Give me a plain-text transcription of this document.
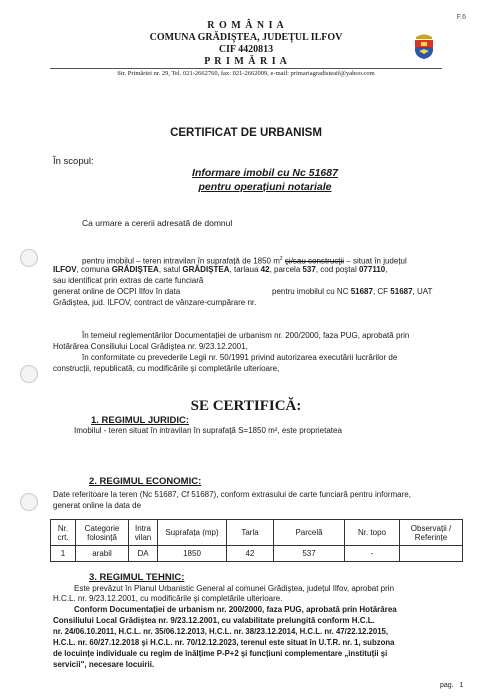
F.6
R O M Â N I A
COMUNA GRĂDIŞTEA, JUDEŢUL ILFOV
CIF 4420813
P R I M Ă R I A
Str. Primăriei nr. 29, Tel. 021-2662760, fax: 021-2662009, e-mail: primariagradisteaif@yahoo.com
CERTIFICAT DE URBANISM
În scopul:
Informare imobil cu Nc 51687
pentru operațiuni notariale
Ca urmare a cererii adresată de domnul
pentru imobilul – teren intravilan în suprafață de 1850 $m^2$ şi/sau construcţii – situat în județul
ILFOV, comuna GRĂDIŞTEA, satul GRĂDIŞTEA, tarlaua 42, parcela 537, cod poştal 077110,
sau identificat prin extras de carte funciară
generat online de OCPI Ilfov în data	pentru imobilul cu NC 51687, CF 51687, UAT
Grădiştea, jud. ILFOV, contract de vânzare-cumpărare nr.
În temeiul reglementărilor Documentației de urbanism nr. 200/2000, faza PUG, aprobată prin
Hotărârea Consiliului Local Grădiştea nr. 9/23.12.2001,
în conformitate cu prevederile Legii nr. 50/1991 privind autorizarea executării lucrărilor de
construcții, republicată, cu modificările şi completările ulterioare,
SE CERTIFICĂ:
1. REGIMUL JURIDIC:
Imobilul - teren situat în intravilan în suprafaţă S=1850 m², este proprietatea
2. REGIMUL ECONOMIC:
Date referitoare la teren (Nc 51687, Cf 51687), conform extrasului de carte funciară pentru informare,
generat online la data de
Nr. crt.	Categorie folosință	Intra vilan	Suprafața (mp)	Tarla	Parcelă	Nr. topo	Observații / Referințe
1	arabil	DA	1850	42	537	-	
3. REGIMUL TEHNIC:
Este prevăzut în Planul Urbanistic General al comunei Grădiştea, județul Ilfov, aprobat prin
H.C.L. nr. 9/23.12.2001, cu modificările şi completările ulterioare.
Conform Documentației de urbanism nr. 200/2000, faza PUG, aprobată prin Hotărârea
Consiliului Local Grădiştea nr. 9/23.12.2001, cu valabilitate prelungită conform H.C.L.
nr. 24/06.10.2011, H.C.L. nr. 35/06.12.2013, H.C.L. nr. 38/23.12.2014, H.C.L. nr. 47/22.12.2015,
H.C.L. nr. 60/27.12.2018 şi H.C.L. nr. 70/12.12.2023, terenul este situat în U.T.R. nr. 1, subzona
de locuințe individuale cu regim de înălțime P-P+2 şi funcțiuni complementare „instituții şi
servicii", necesare locuirii.
pag. 1
